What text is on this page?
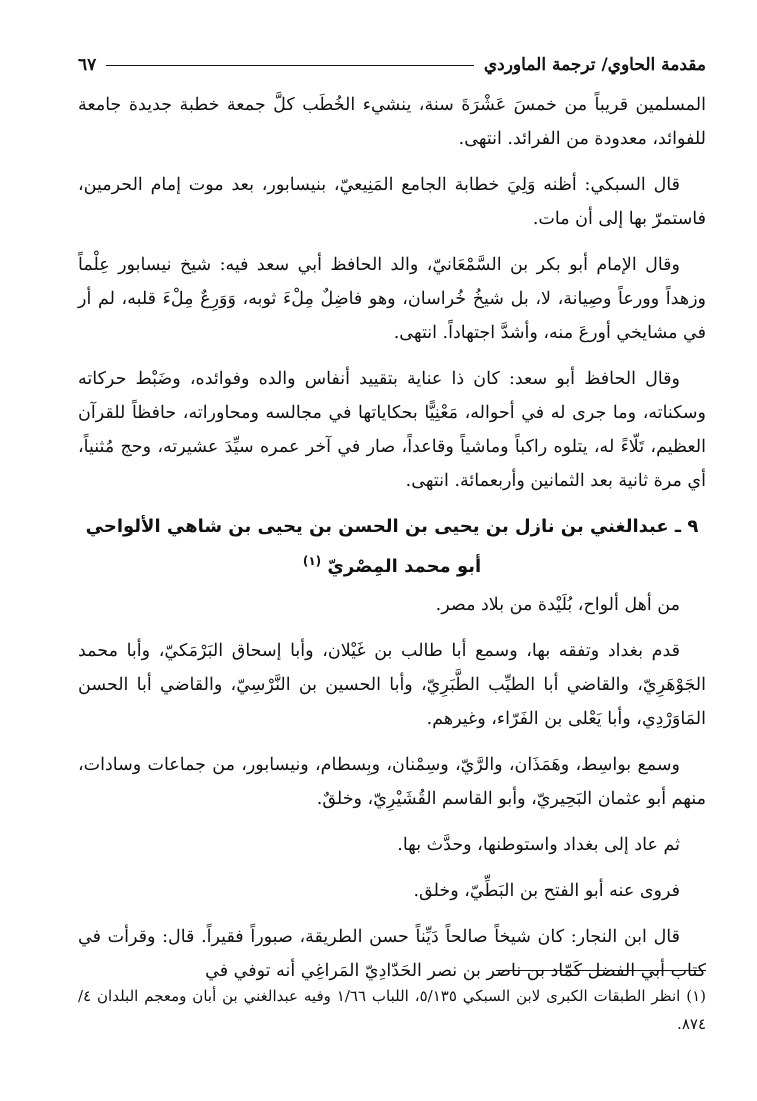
مقدمة الحاوي/ ترجمة الماوردي
٦٧

المسلمين قريباً من خمسَ عَشْرَةَ سنة، ينشيء الخُطَب كلَّ جمعة خطبة جديدة جامعة للفوائد، معدودة من الفرائد. انتهى.

قال السبكي: أظنه وَلِيَ خطابة الجامع المَنِيعيّ، بنيسابور، بعد موت إمام الحرمين، فاستمرّ بها إلى أن مات.

وقال الإمام أبو بكر بن السَّمْعَانيّ، والد الحافظ أبي سعد فيه: شيخ نيسابور عِلْماً وزهداً وورعاً وصِيانة، لا، بل شيخُ خُراسان، وهو فاضِلٌ مِلْءَ ثوبه، وَوَرِعٌ مِلْءَ قلبه، لم أر في مشايخي أورعَ منه، وأشدَّ اجتهاداً. انتهى.

وقال الحافظ أبو سعد: كان ذا عناية بتقييد أنفاس والده وفوائده، وضَبْط حركاته وسكناته، وما جرى له في أحواله، مَعْنِيًّا بحكاياتها في مجالسه ومحاوراته، حافظاً للقرآن العظيم، تَلّاءً له، يتلوه راكباً وماشياً وقاعداً، صار في آخر عمره سيِّدَ عشيرته، وحج مُثنياً، أي مرة ثانية بعد الثمانين وأربعمائة. انتهى.

٩ ـ عبدالغني بن نازل بن يحيى بن الحسن بن يحيى بن شاهي الألواحي
أبو محمد المِصْريّ $^{(١)}$

من أهل ألواح، بُلَيْدة من بلاد مصر.

قدم بغداد وتفقه بها، وسمع أبا طالب بن غَيْلان، وأبا إسحاق البَرْمَكيّ، وأبا محمد الجَوْهَرِيّ، والقاضي أبا الطيِّب الطَّبَرِيّ، وأبا الحسين بن النَّرْسِيّ، والقاضي أبا الحسن المَاوَرْدِي، وأبا يَعْلى بن الفَرّاء، وغيرهم.

وسمع بواسِط، وهَمَذَان، والرَّيّ، وسِمْنان، وبِسطام، ونيسابور، من جماعات وسادات، منهم أبو عثمان البَحِيريّ، وأبو القاسم القُشَيْرِيّ، وخلقٌ.

ثم عاد إلى بغداد واستوطنها، وحدَّث بها.

فروى عنه أبو الفتح بن البَطِّيّ، وخلق.

قال ابن النجار: كان شيخاً صالحاً دَيِّناً حسن الطريقة، صبوراً فقيراً. قال: وقرأت في كتاب أبي الفضل كَمّاد بن ناصر بن نصر الحَدّادِيّ المَراغِي أنه توفي في

(١) انظر الطبقات الكبرى لابن السبكي ٥/١٣٥، اللباب ١/٦٦ وفيه عبدالغني بن أبان ومعجم البلدان ٤/ ٨٧٤.
